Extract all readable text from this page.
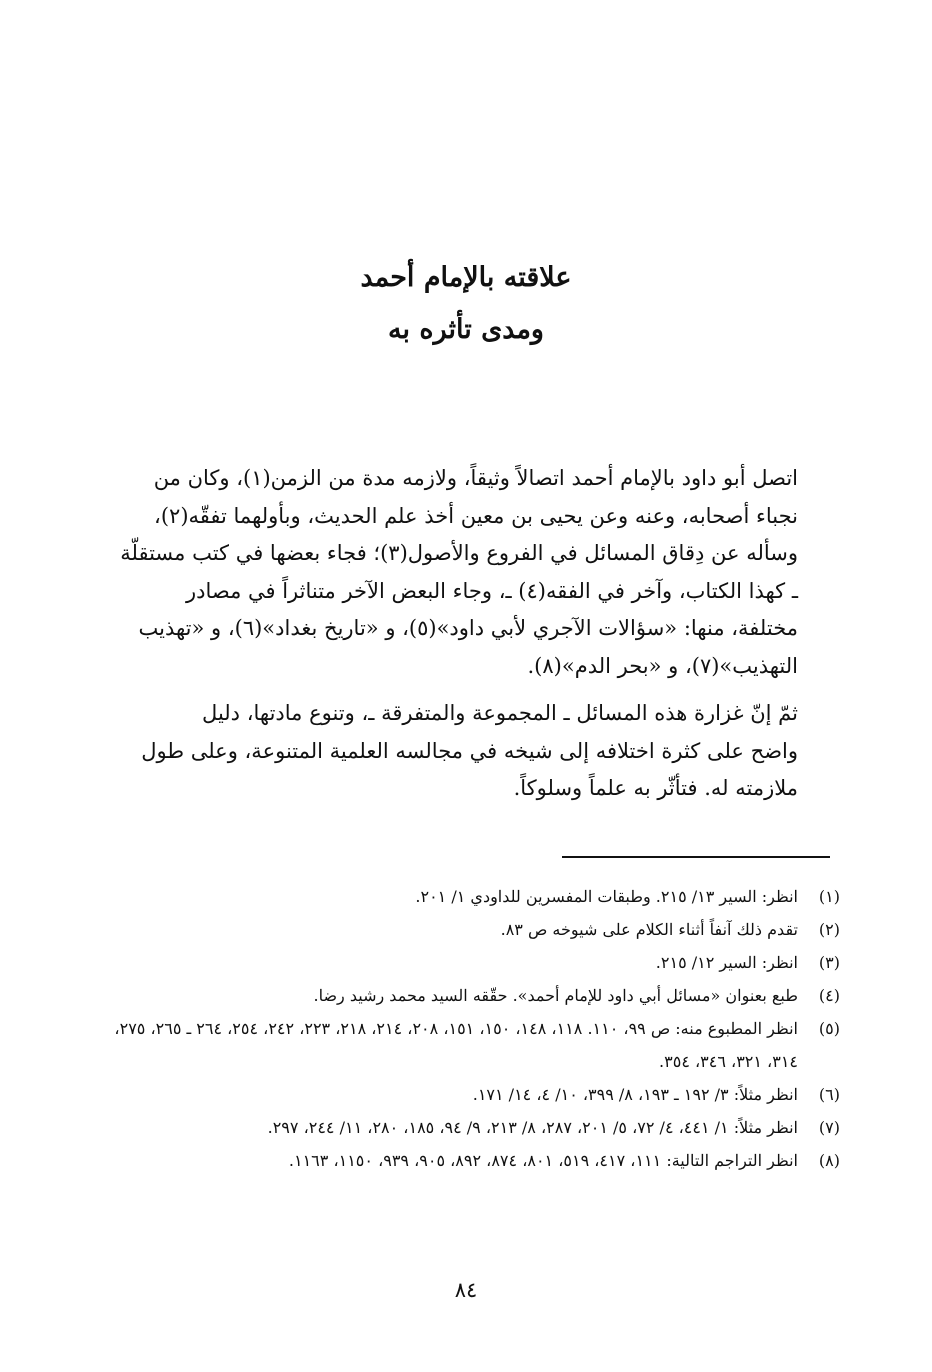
علاقته بالإمام أحمد
ومدى تأثره به

اتصل أبو داود بالإمام أحمد اتصالاً وثيقاً، ولازمه مدة من الزمن(١)، وكان من
نجباء أصحابه، وعنه وعن يحيى بن معين أخذ علم الحديث، وبأولهما تفقّه(٢)،
وسأله عن دِقاق المسائل في الفروع والأصول(٣)؛ فجاء بعضها في كتب مستقلّة
ـ كهذا الكتاب، وآخر في الفقه(٤) ـ، وجاء البعض الآخر متناثراً في مصادر
مختلفة، منها: «سؤالات الآجري لأبي داود»(٥)، و «تاريخ بغداد»(٦)، و «تهذيب
التهذيب»(٧)، و «بحر الدم»(٨).

ثمّ إنّ غزارة هذه المسائل ـ المجموعة والمتفرقة ـ، وتنوع مادتها، دليل
واضح على كثرة اختلافه إلى شيخه في مجالسه العلمية المتنوعة، وعلى طول
ملازمته له. فتأثّر به علماً وسلوكاً.

(١)
انظر: السير ١٣/ ٢١٥. وطبقات المفسرين للداودي ١/ ٢٠١.
(٢)
تقدم ذلك آنفاً أثناء الكلام على شيوخه ص ٨٣.
(٣)
انظر: السير ١٢/ ٢١٥.
(٤)
طبع بعنوان «مسائل أبي داود للإمام أحمد». حقّقه السيد محمد رشيد رضا.
(٥)
انظر المطبوع منه: ص ٩٩، ١١٠. ١١٨، ١٤٨، ١٥٠، ١٥١، ٢٠٨، ٢١٤، ٢١٨، ٢٢٣، ٢٤٢، ٢٥٤، ٢٦٤ ـ ٢٦٥، ٢٧٥، ٣١٤، ٣٢١، ٣٤٦، ٣٥٤.
(٦)
انظر مثلاً: ٣/ ١٩٢ ـ ١٩٣، ٨/ ٣٩٩، ١٠/ ٤، ١٤/ ١٧١.
(٧)
انظر مثلاً: ١/ ٤٤١، ٤/ ٧٢، ٥/ ٢٠١، ٢٨٧، ٨/ ٢١٣، ٩/ ٩٤، ١٨٥، ٢٨٠، ١١/ ٢٤٤، ٢٩٧.
(٨)
انظر التراجم التالية: ١١١، ٤١٧، ٥١٩، ٨٠١، ٨٧٤، ٨٩٢، ٩٠٥، ٩٣٩، ١١٥٠، ١١٦٣.
٨٤
